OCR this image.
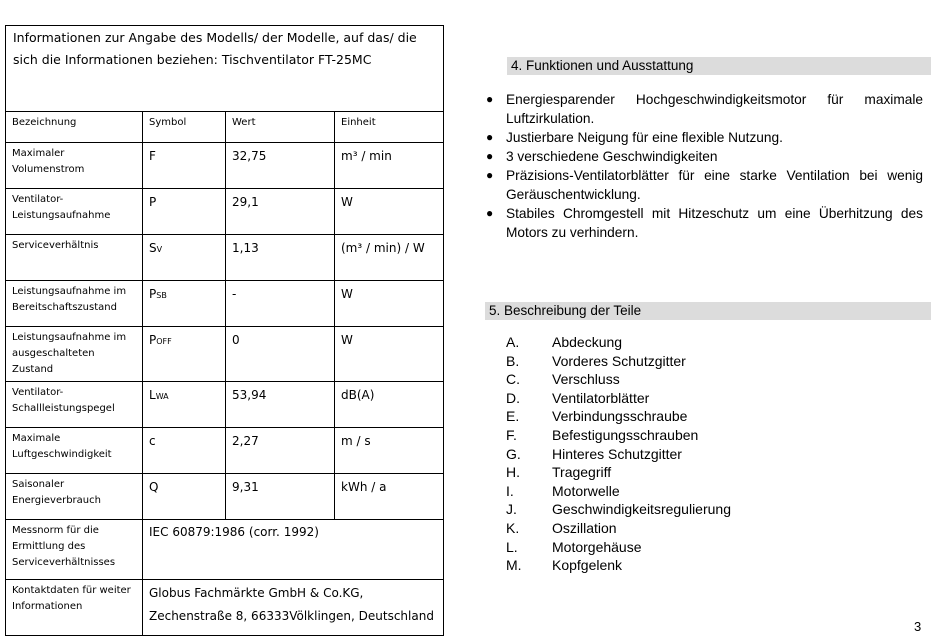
Informationen zur Angabe des Modells/ der Modelle, auf das/ die sich die Informationen beziehen: Tischventilator FT-25MC			
Bezeichnung	Symbol	Wert	Einheit
Maximaler Volumenstrom	F	32,75	m³ / min
Ventilator-Leistungsaufnahme	P	29,1	W
Serviceverhältnis	SV	1,13	(m³ / min) / W
Leistungsaufnahme im Bereitschaftszustand	PSB	-	W
Leistungsaufnahme im ausgeschalteten Zustand	POFF	0	W
Ventilator-Schallleistungspegel	LWA	53,94	dB(A)
Maximale Luftgeschwindigkeit	c	2,27	m / s
Saisonaler Energieverbrauch	Q	9,31	kWh / a
Messnorm für die Ermittlung des Serviceverhältnisses	IEC 60879:1986 (corr. 1992)		
Kontaktdaten für weiter Informationen	Globus Fachmärkte GmbH & Co.KG, Zechenstraße 8, 66333Völklingen, Deutschland		
4. Funktionen und Ausstattung
● Energiesparender Hochgeschwindigkeitsmotor für maximale Luftzirkulation.
● Justierbare Neigung für eine flexible Nutzung.
● 3 verschiedene Geschwindigkeiten
● Präzisions-Ventilatorblätter für eine starke Ventilation bei wenig Geräuschentwicklung.
● Stabiles Chromgestell mit Hitzeschutz um eine Überhitzung des Motors zu verhindern.
5. Beschreibung der Teile
A.	Abdeckung
B.	Vorderes Schutzgitter
C.	Verschluss
D.	Ventilatorblätter
E.	Verbindungsschraube
F.	Befestigungsschrauben
G.	Hinteres Schutzgitter
H.	Tragegriff
I.	Motorwelle
J.	Geschwindigkeitsregulierung
K.	Oszillation
L.	Motorgehäuse
M.	Kopfgelenk
3
